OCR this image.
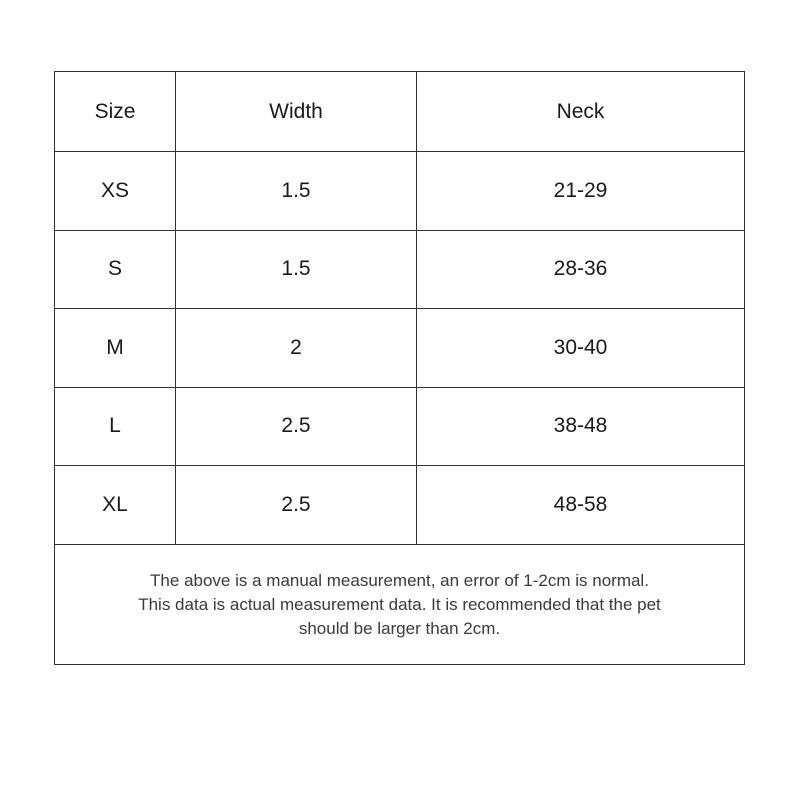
Size	Width	Neck
XS	1.5	21-29
S	1.5	28-36
M	2	30-40
L	2.5	38-48
XL	2.5	48-58
The above is a manual measurement, an error of 1-2cm is normal.
This data is actual measurement data. It is recommended that the pet
should be larger than 2cm.
